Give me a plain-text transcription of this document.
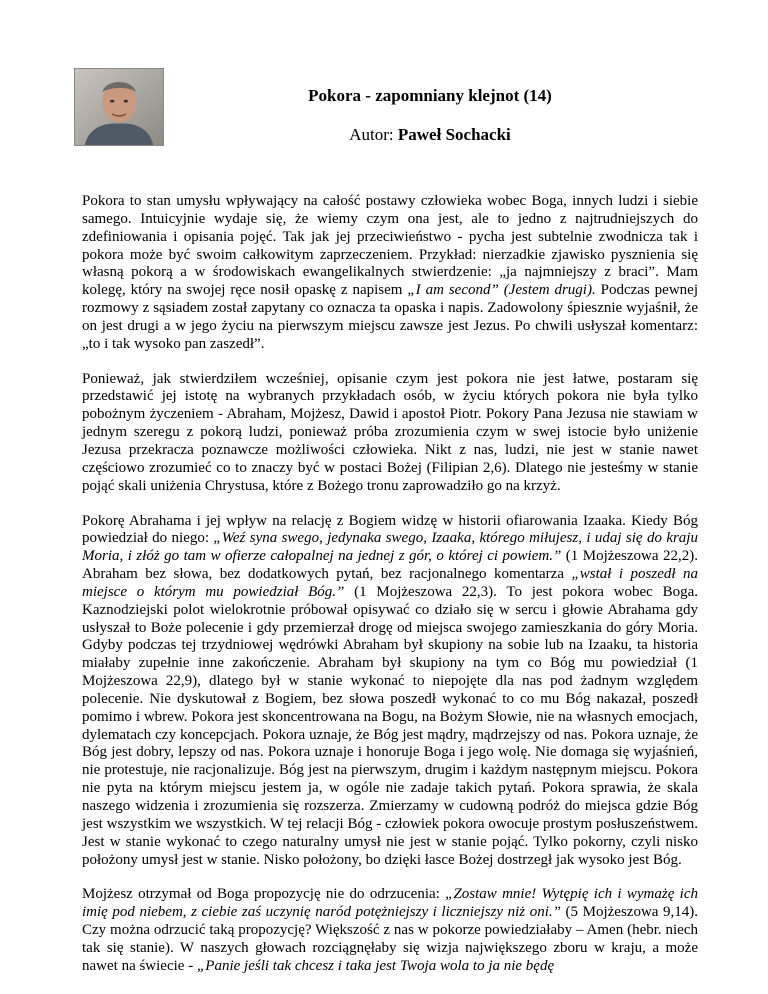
Pokora - zapomniany klejnot (14)
Autor: Paweł Sochacki

Pokora to stan umysłu wpływający na całość postawy człowieka wobec Boga, innych ludzi i siebie samego. Intuicyjnie wydaje się, że wiemy czym ona jest, ale to jedno z najtrudniejszych do zdefiniowania i opisania pojęć. Tak jak jej przeciwieństwo - pycha jest subtelnie zwodnicza tak i pokora może być swoim całkowitym zaprzeczeniem. Przykład: nierzadkie zjawisko pysznienia się własną pokorą a w środowiskach ewangelikalnych stwierdzenie: „ja najmniejszy z braci”. Mam kolegę, który na swojej ręce nosił opaskę z napisem „I am second” (Jestem drugi). Podczas pewnej rozmowy z sąsiadem został zapytany co oznacza ta opaska i napis. Zadowolony śpiesznie wyjaśnił, że on jest drugi a w jego życiu na pierwszym miejscu zawsze jest Jezus. Po chwili usłyszał komentarz: „to i tak wysoko pan zaszedł”.

Ponieważ, jak stwierdziłem wcześniej, opisanie czym jest pokora nie jest łatwe, postaram się przedstawić jej istotę na wybranych przykładach osób, w życiu których pokora nie była tylko pobożnym życzeniem - Abraham, Mojżesz, Dawid i apostoł Piotr. Pokory Pana Jezusa nie stawiam w jednym szeregu z pokorą ludzi, ponieważ próba zrozumienia czym w swej istocie było uniżenie Jezusa przekracza poznawcze możliwości człowieka. Nikt z nas, ludzi, nie jest w stanie nawet częściowo zrozumieć co to znaczy być w postaci Bożej (Filipian 2,6). Dlatego nie jesteśmy w stanie pojąć skali uniżenia Chrystusa, które z Bożego tronu zaprowadziło go na krzyż.

Pokorę Abrahama i jej wpływ na relację z Bogiem widzę w historii ofiarowania Izaaka. Kiedy Bóg powiedział do niego: „Weź syna swego, jedynaka swego, Izaaka, którego miłujesz, i udaj się do kraju Moria, i złóż go tam w ofierze całopalnej na jednej z gór, o której ci powiem.” (1 Mojżeszowa 22,2). Abraham bez słowa, bez dodatkowych pytań, bez racjonalnego komentarza „wstał i poszedł na miejsce o którym mu powiedział Bóg.” (1 Mojżeszowa 22,3). To jest pokora wobec Boga. Kaznodziejski polot wielokrotnie próbował opisywać co działo się w sercu i głowie Abrahama gdy usłyszał to Boże polecenie i gdy przemierzał drogę od miejsca swojego zamieszkania do góry Moria. Gdyby podczas tej trzydniowej wędrówki Abraham był skupiony na sobie lub na Izaaku, ta historia miałaby zupełnie inne zakończenie. Abraham był skupiony na tym co Bóg mu powiedział (1 Mojżeszowa 22,9), dlatego był w stanie wykonać to niepojęte dla nas pod żadnym względem polecenie. Nie dyskutował z Bogiem, bez słowa poszedł wykonać to co mu Bóg nakazał, poszedł pomimo i wbrew. Pokora jest skoncentrowana na Bogu, na Bożym Słowie, nie na własnych emocjach, dylematach czy koncepcjach. Pokora uznaje, że Bóg jest mądry, mądrzejszy od nas. Pokora uznaje, że Bóg jest dobry, lepszy od nas. Pokora uznaje i honoruje Boga i jego wolę. Nie domaga się wyjaśnień, nie protestuje, nie racjonalizuje. Bóg jest na pierwszym, drugim i każdym następnym miejscu. Pokora nie pyta na którym miejscu jestem ja, w ogóle nie zadaje takich pytań. Pokora sprawia, że skala naszego widzenia i zrozumienia się rozszerza. Zmierzamy w cudowną podróż do miejsca gdzie Bóg jest wszystkim we wszystkich. W tej relacji Bóg - człowiek pokora owocuje prostym posłuszeństwem. Jest w stanie wykonać to czego naturalny umysł nie jest w stanie pojąć. Tylko pokorny, czyli nisko położony umysł jest w stanie. Nisko położony, bo dzięki łasce Bożej dostrzegł jak wysoko jest Bóg.

Mojżesz otrzymał od Boga propozycję nie do odrzucenia: „Zostaw mnie! Wytępię ich i wymażę ich imię pod niebem, z ciebie zaś uczynię naród potężniejszy i liczniejszy niż oni.” (5 Mojżeszowa 9,14). Czy można odrzucić taką propozycję? Większość z nas w pokorze powiedziałaby – Amen (hebr. niech tak się stanie). W naszych głowach rozciągnęłaby się wizja największego zboru w kraju, a może nawet na świecie - „Panie jeśli tak chcesz i taka jest Twoja wola to ja nie będę
